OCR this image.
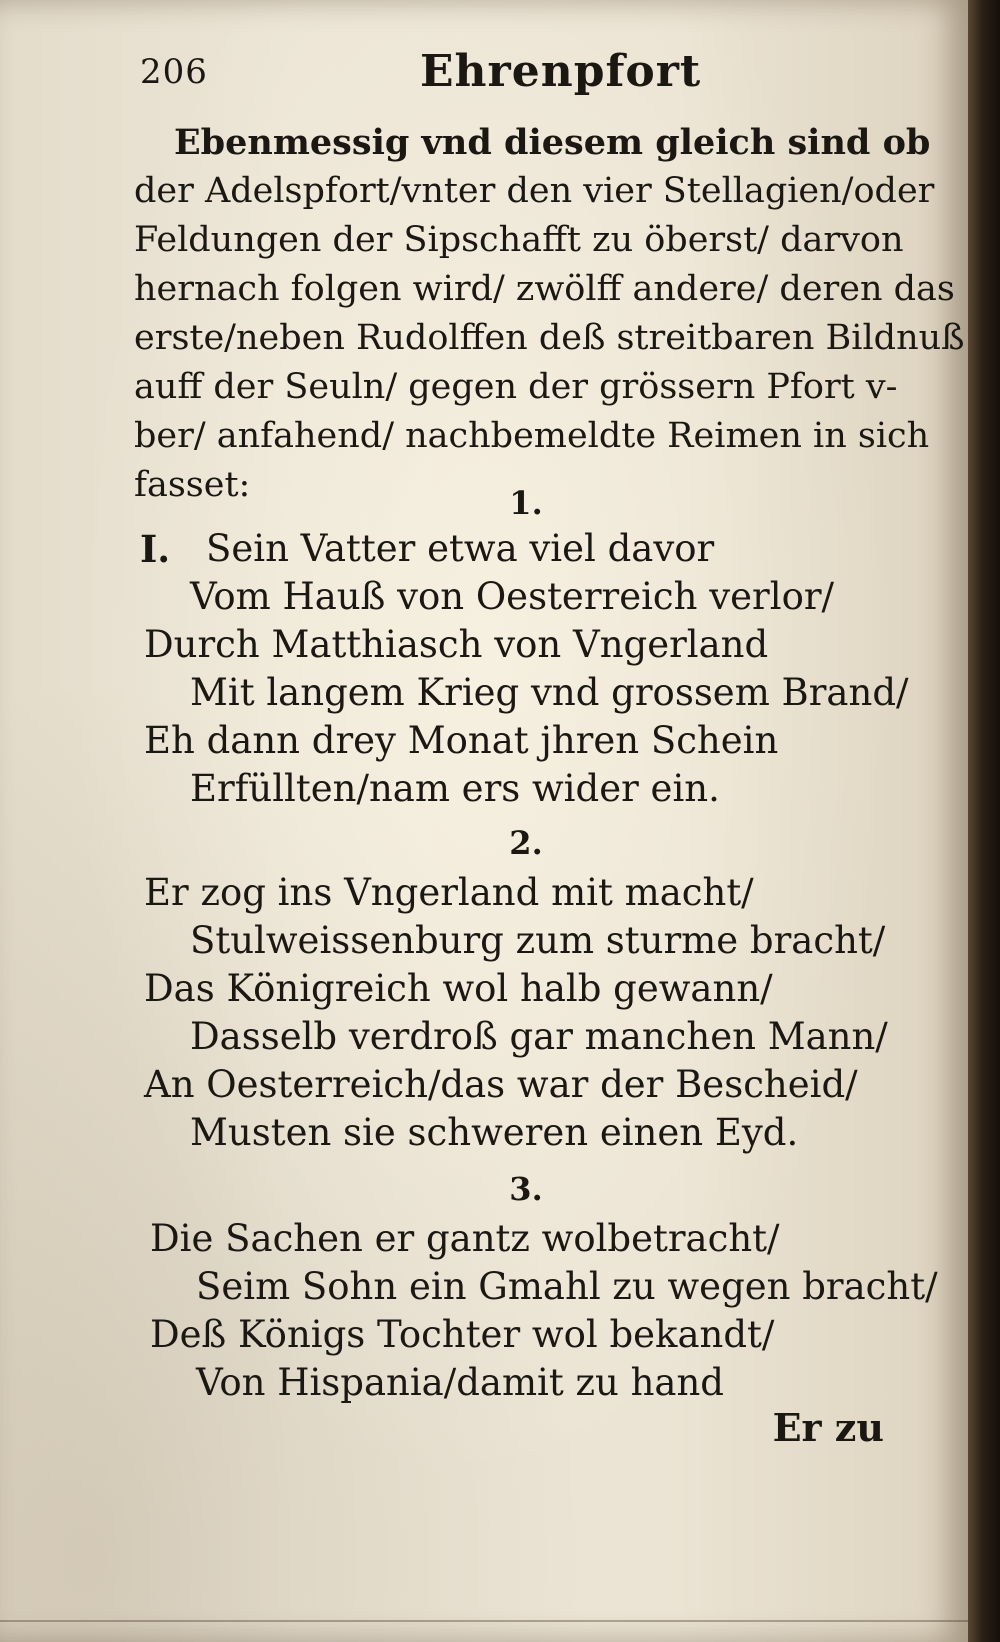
206	Ehrenpfort
Ebenmessig vnd diesem gleich sind ob
der Adelspfort/vnter den vier Stellagien/oder
Feldungen der Sipschafft zu öberst/ darvon
hernach folgen wird/ zwölff andere/ deren das
erste/neben Rudolffen deß streitbaren Bildnuß
auff der Seuln/ gegen der grössern Pfort v-
ber/ anfahend/ nachbemeldte Reimen in sich
fasset:	1.
I. Sein Vatter etwa viel davor
Vom Hauß von Oesterreich verlor/
Durch Matthiasch von Vngerland
Mit langem Krieg vnd grossem Brand/
Eh dann drey Monat jhren Schein
Erfüllten/nam ers wider ein.
2.
Er zog ins Vngerland mit macht/
Stulweissenburg zum sturme bracht/
Das Königreich wol halb gewann/
Dasselb verdroß gar manchen Mann/
An Oesterreich/das war der Bescheid/
Musten sie schweren einen Eyd.
3.
Die Sachen er gantz wolbetracht/
Seim Sohn ein Gmahl zu wegen bracht/
Deß Königs Tochter wol bekandt/
Von Hispania/damit zu hand
Er zu
